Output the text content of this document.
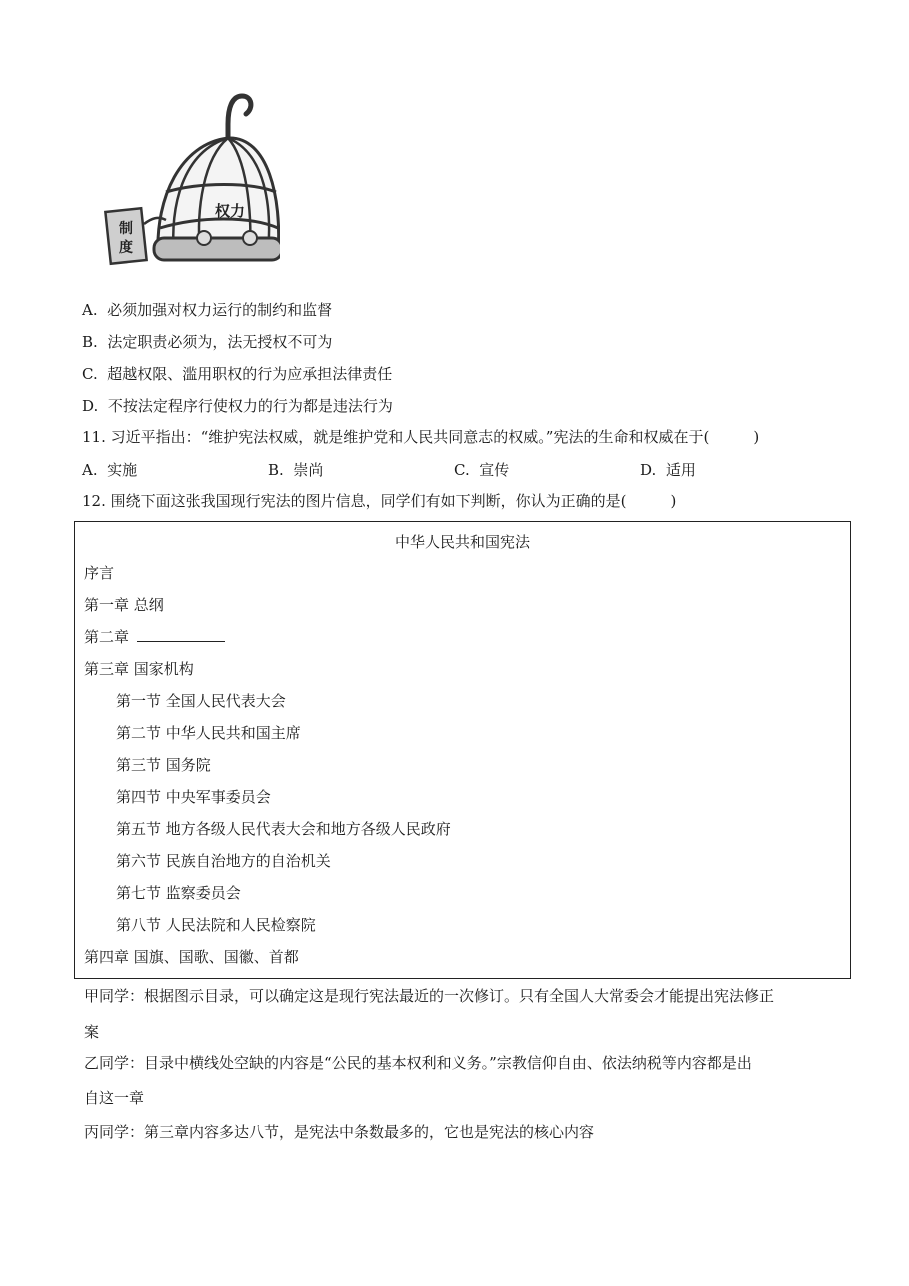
制
度
权力
A. 必须加强对权力运行的制约和监督
B. 法定职责必须为，法无授权不可为
C. 超越权限、滥用职权的行为应承担法律责任
D. 不按法定程序行使权力的行为都是违法行为
11. 习近平指出：“维护宪法权威，就是维护党和人民共同意志的权威。”宪法的生命和权威在于(	)
A. 实施	B. 崇尚	C. 宣传	D. 适用
12. 围绕下面这张我国现行宪法的图片信息，同学们有如下判断，你认为正确的是(	)
中华人民共和国宪法
序言
第一章 总纲
第二章
第三章 国家机构
第一节 全国人民代表大会
第二节 中华人民共和国主席
第三节 国务院
第四节 中央军事委员会
第五节 地方各级人民代表大会和地方各级人民政府
第六节 民族自治地方的自治机关
第七节 监察委员会
第八节 人民法院和人民检察院
第四章 国旗、国歌、国徽、首都
甲同学：根据图示目录，可以确定这是现行宪法最近的一次修订。只有全国人大常委会才能提出宪法修正
案
乙同学：目录中横线处空缺的内容是“公民的基本权利和义务。”宗教信仰自由、依法纳税等内容都是出
自这一章
丙同学：第三章内容多达八节，是宪法中条数最多的，它也是宪法的核心内容
